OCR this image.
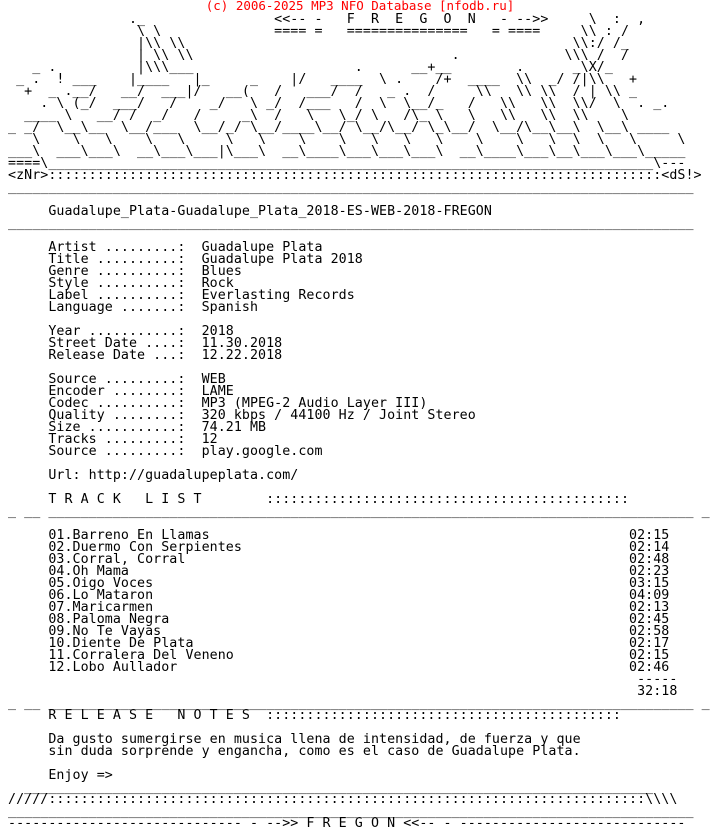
(c) 2006-2025 MP3 NFO Database [nfodb.ru]
._                <<-- -   F  R  E  G  O  N   - -->>     \  :  ,
\ \              ==== =   ===============   = ====     \\ : /
|\\ \\                                                \\:/ /_
| \\ \\                                .             \\\ /  /
_ .          |\\\___                    .      __+__        .      _\X/_
_ .  ! ___    |____   |_     _    |/   ____  \ .    /+  ____  \\  _/ /|\\   +
+  _ .__/   __/  ___|/   __(   /   ___/  /   _ .  /     \\   \\ \\  / | \\ _
. \ (_/  ___/   /    _/   \ _/  /___   /  \  \__/_   /   \\   \\  \\/  \  . _.
____ \   __/ /  _/   /     _\  /   \   \_/ \   /\_ \   \   \\   \\  \\    \
_ _/  \__\__  \__/___  \__/_/ \__/____\__/ \__/\__/ \_\__/  \__/\__\__\  \__\ ____
\    \   \    \   \     \   \    \    \   \   \   \    \    \   \  \  \   \     \
___\  ___\___\  __\___\___|\___\  __\____\___\___\___\  __\____\___\__\___\___\_____
====\___________________________________________________________________________\---
<zNr>::::::::::::::::::::::::::::::::::::::::::::::::::::::::::::::::::::::::::::<dS!>
_____________________________________________________________________________________

Guadalupe_Plata-Guadalupe_Plata_2018-ES-WEB-2018-FREGON
_____________________________________________________________________________________

Artist .........:  Guadalupe Plata
Title ..........:  Guadalupe Plata 2018
Genre ..........:  Blues
Style ..........:  Rock
Label ..........:  Everlasting Records
Language .......:  Spanish

Year ...........:  2018
Street Date ....:  11.30.2018
Release Date ...:  12.22.2018

Source .........:  WEB
Encoder ........:  LAME
Codec ..........:  MP3 (MPEG-2 Audio Layer III)
Quality ........:  320 kbps / 44100 Hz / Joint Stereo
Size ...........:  74.21 MB
Tracks .........:  12
Source .........:  play.google.com

Url: http://guadalupeplata.com/

T R A C K   L I S T        :::::::::::::::::::::::::::::::::::::::::::::
_ __ ________________________________________________________________________________ _

01.Barreno En Llamas                                                    02:15
02.Duermo Con Serpientes                                                02:14
03.Corral, Corral                                                       02:48
04.Oh Mama                                                              02:23
05.Oigo Voces                                                           03:15
06.Lo Mataron                                                           04:09
07.Maricarmen                                                           02:13
08.Paloma Negra                                                         02:45
09.No Te Vayas                                                          02:58
10.Diente De Plata                                                      02:17
11.Corralera Del Veneno                                                 02:15
12.Lobo Aullador                                                        02:46
-----
32:18
_ __ ________________________________________________________________________________ _
R E L E A S E   N O T E S  ::::::::::::::::::::::::::::::::::::::::::::

Da gusto sumergirse en musica llena de intensidad, de fuerza y que
sin duda sorprende y engancha, como es el caso de Guadalupe Plata.

Enjoy =>
______________________________________________________________________________
/////::::::::::::::::::::::::::::::::::::::::::::::::::::::::::::::::::::::::::\\\\
_____________________________________________________________________________________
----------------------------- - -->> F R E G O N <<-- - ----------------------------
